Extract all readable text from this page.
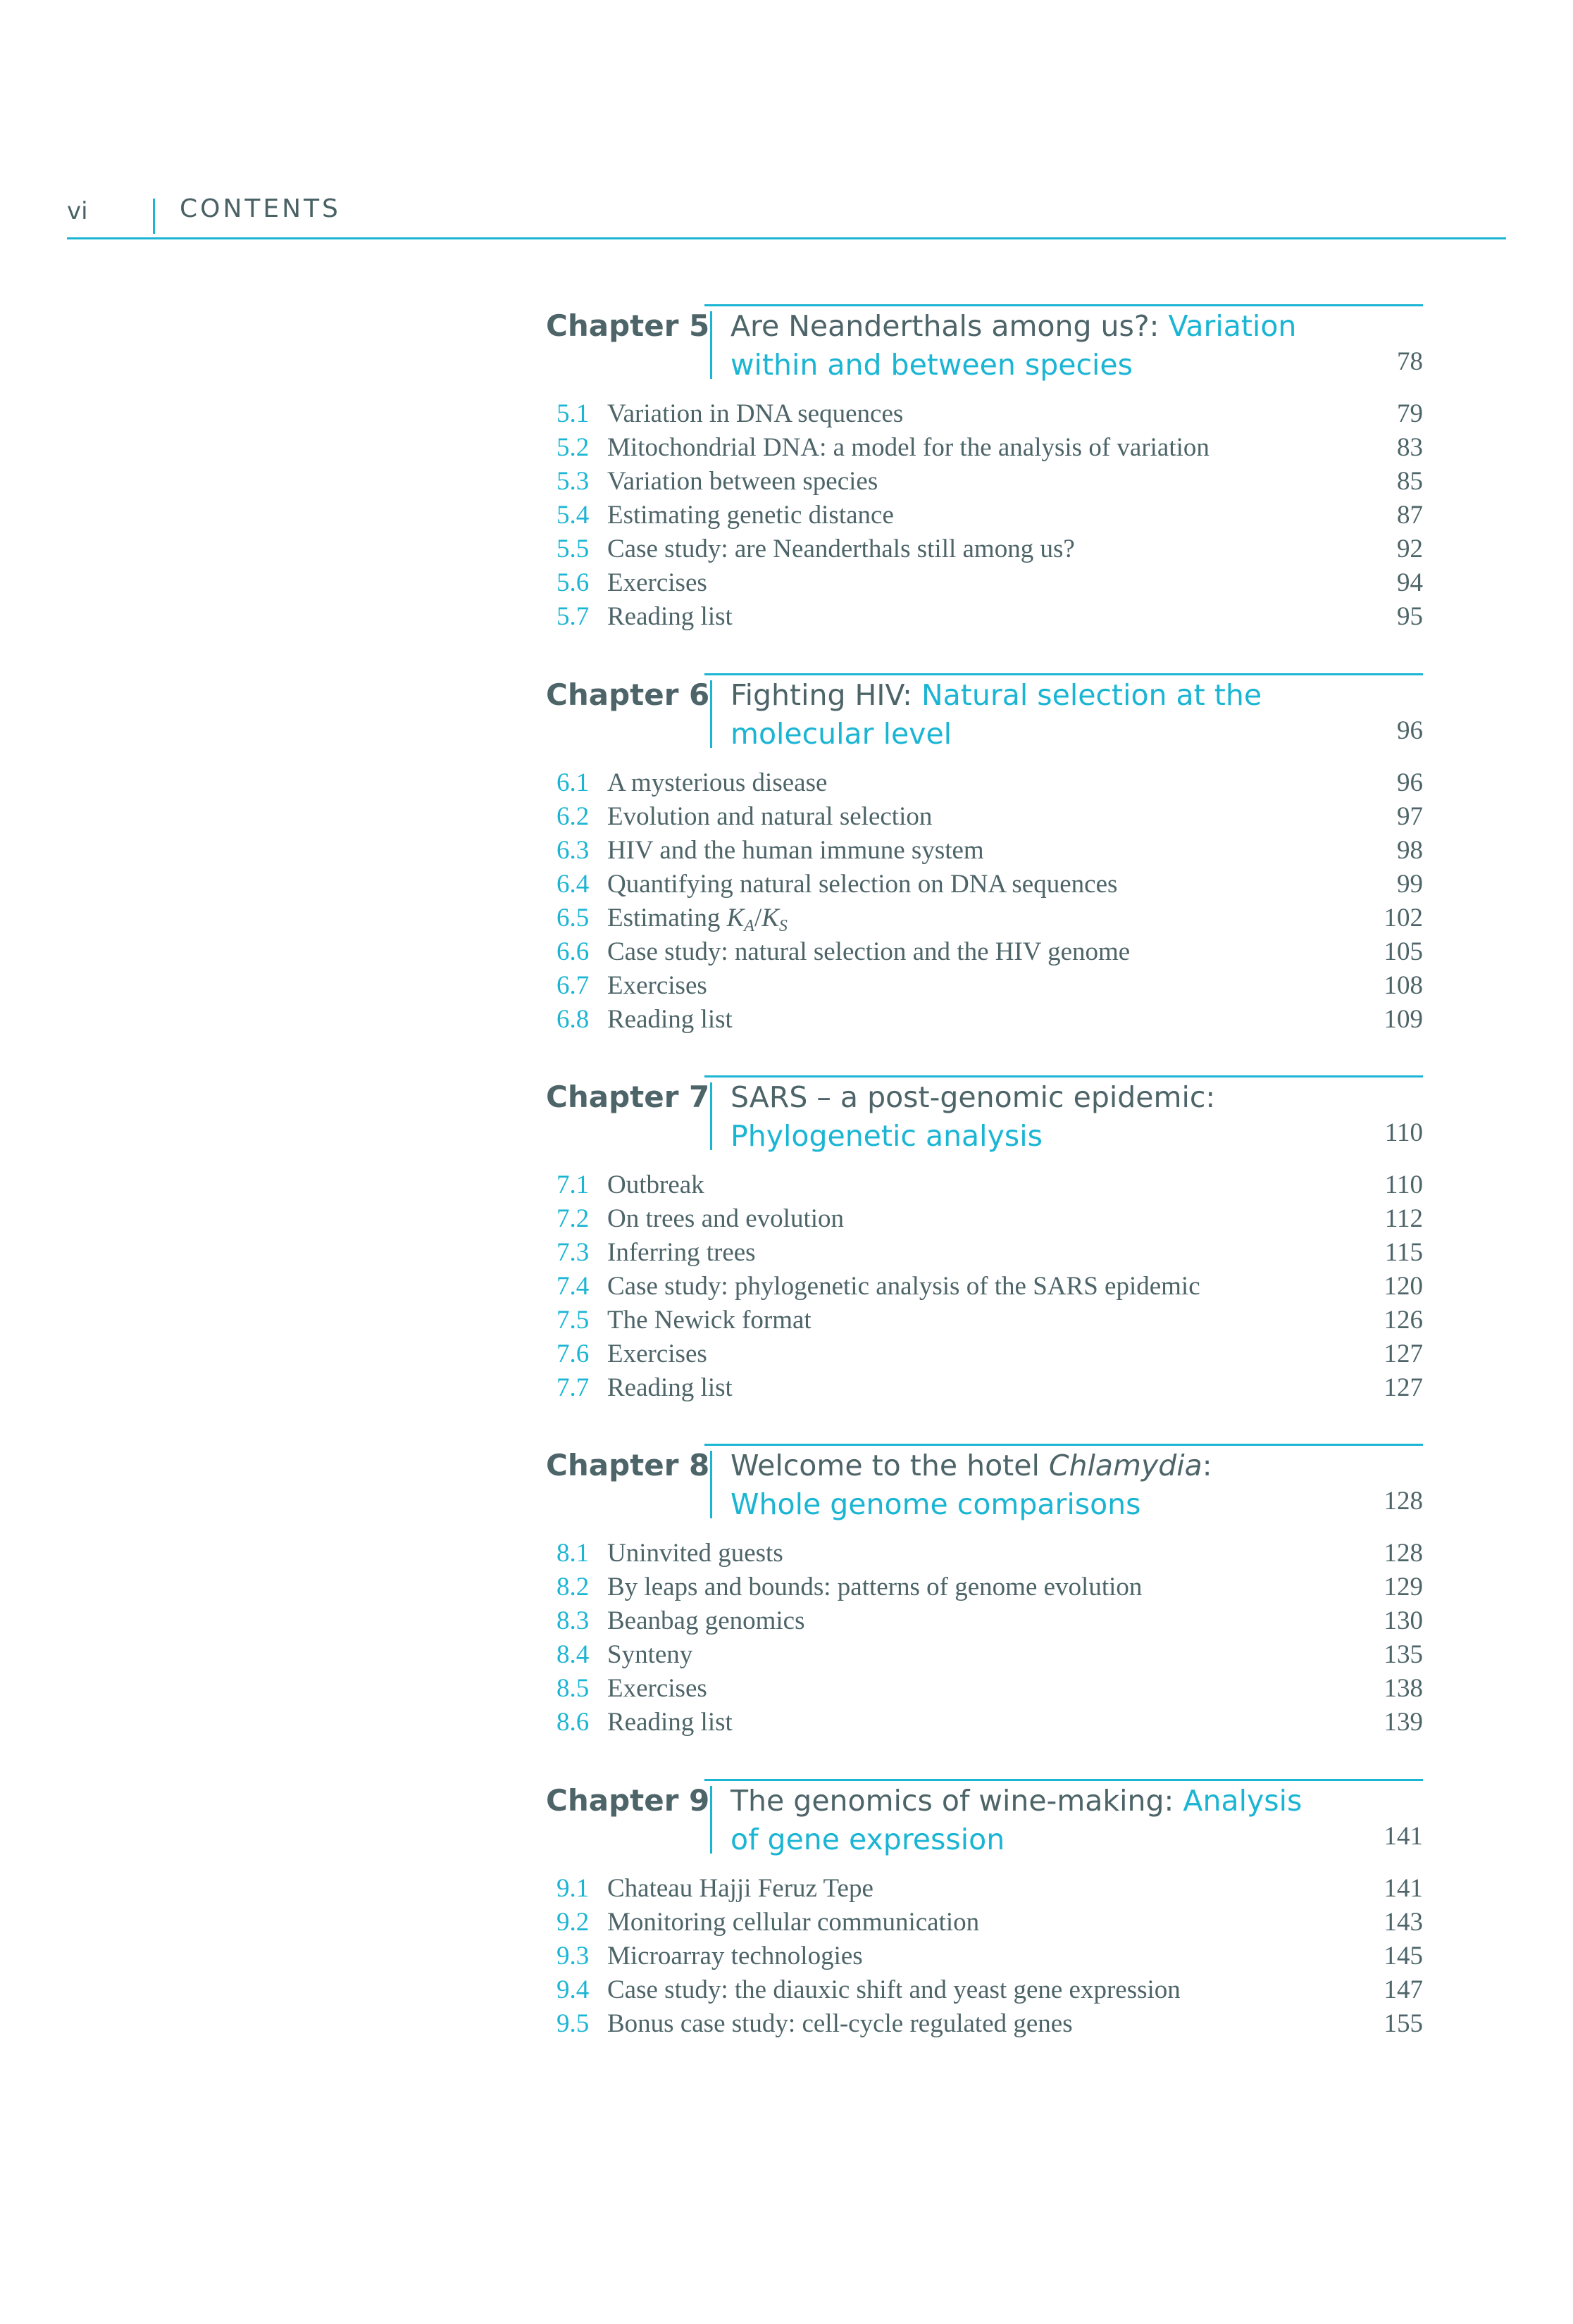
vi	CONTENTS
Chapter 5 Are Neanderthals among us?: Variation within and between species	78
5.1 Variation in DNA sequences	79
5.2 Mitochondrial DNA: a model for the analysis of variation	83
5.3 Variation between species	85
5.4 Estimating genetic distance	87
5.5 Case study: are Neanderthals still among us?	92
5.6 Exercises	94
5.7 Reading list	95
Chapter 6 Fighting HIV: Natural selection at the molecular level	96
6.1 A mysterious disease	96
6.2 Evolution and natural selection	97
6.3 HIV and the human immune system	98
6.4 Quantifying natural selection on DNA sequences	99
6.5 Estimating $K_A/K_S$	102
6.6 Case study: natural selection and the HIV genome	105
6.7 Exercises	108
6.8 Reading list	109
Chapter 7 SARS – a post-genomic epidemic: Phylogenetic analysis	110
7.1 Outbreak	110
7.2 On trees and evolution	112
7.3 Inferring trees	115
7.4 Case study: phylogenetic analysis of the SARS epidemic	120
7.5 The Newick format	126
7.6 Exercises	127
7.7 Reading list	127
Chapter 8 Welcome to the hotel Chlamydia: Whole genome comparisons	128
8.1 Uninvited guests	128
8.2 By leaps and bounds: patterns of genome evolution	129
8.3 Beanbag genomics	130
8.4 Synteny	135
8.5 Exercises	138
8.6 Reading list	139
Chapter 9 The genomics of wine-making: Analysis of gene expression	141
9.1 Chateau Hajji Feruz Tepe	141
9.2 Monitoring cellular communication	143
9.3 Microarray technologies	145
9.4 Case study: the diauxic shift and yeast gene expression	147
9.5 Bonus case study: cell-cycle regulated genes	155
